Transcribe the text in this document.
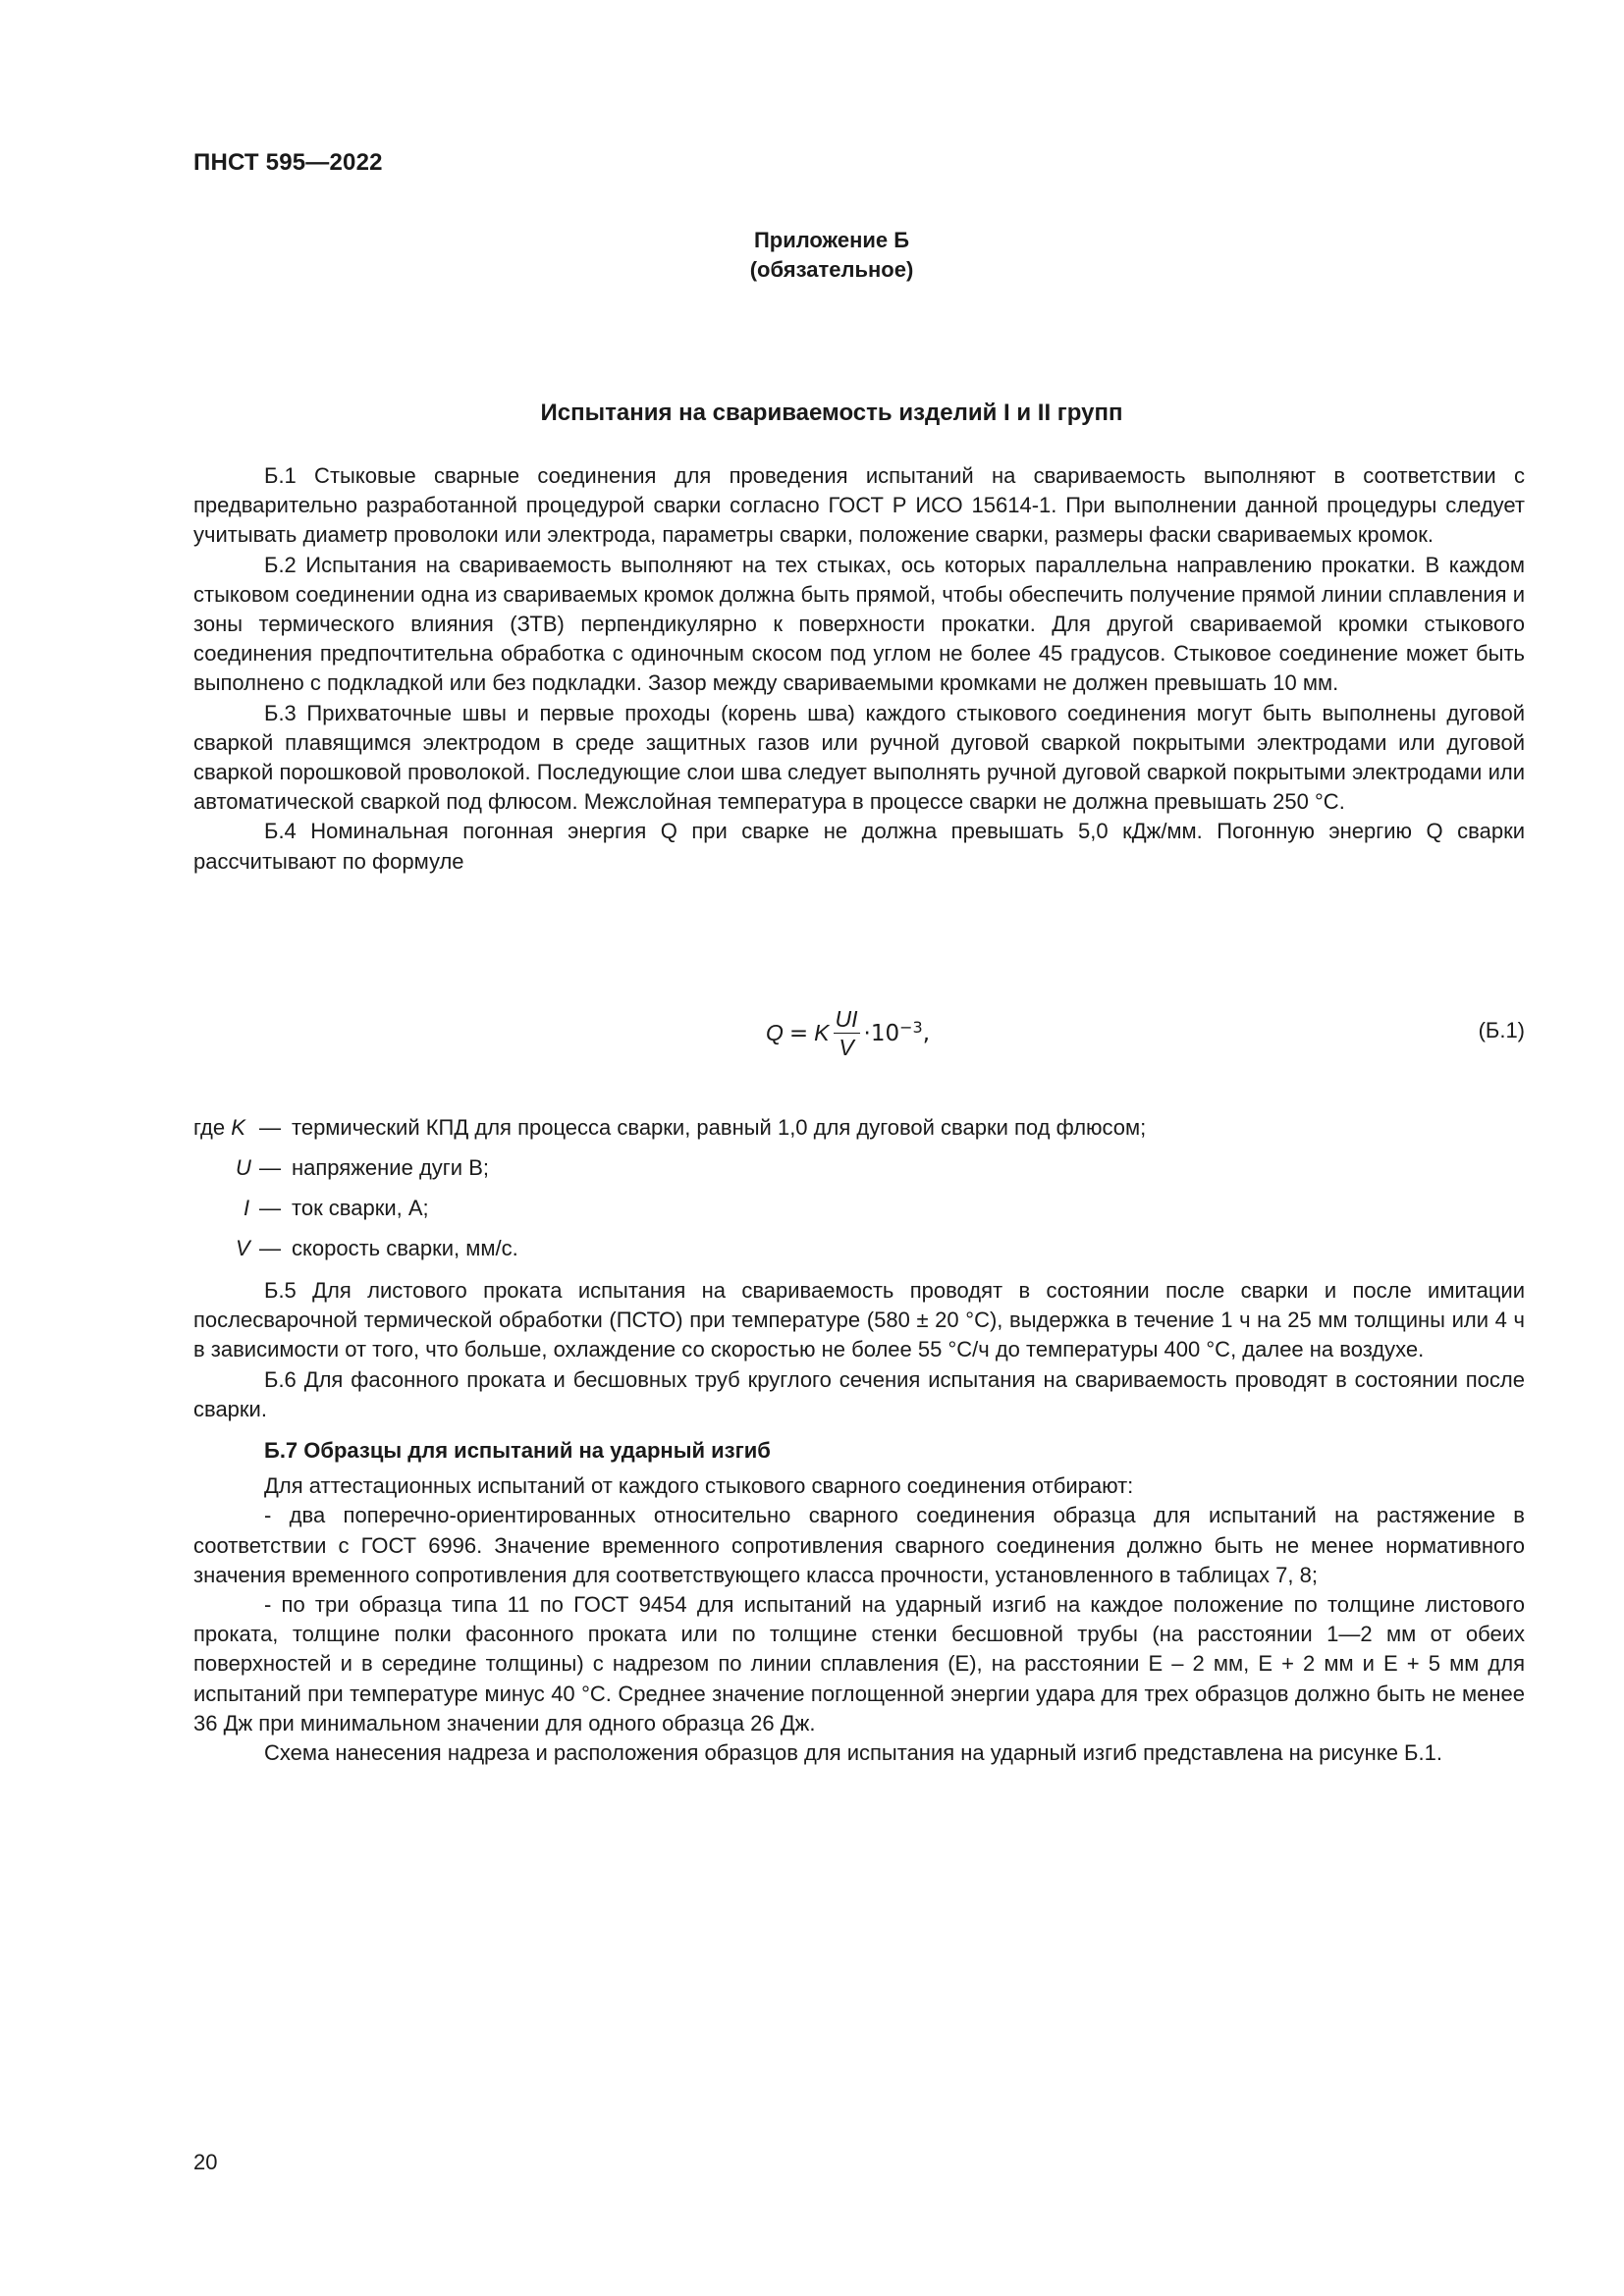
ПНСТ 595—2022
Приложение Б
(обязательное)
Испытания на свариваемость изделий I и II групп

Б.1 Стыковые сварные соединения для проведения испытаний на свариваемость выполняют в соответствии с предварительно разработанной процедурой сварки согласно ГОСТ Р ИСО 15614-1. При выполнении данной процедуры следует учитывать диаметр проволоки или электрода, параметры сварки, положение сварки, размеры фаски свариваемых кромок.

Б.2 Испытания на свариваемость выполняют на тех стыках, ось которых параллельна направлению прокатки. В каждом стыковом соединении одна из свариваемых кромок должна быть прямой, чтобы обеспечить получение прямой линии сплавления и зоны термического влияния (ЗТВ) перпендикулярно к поверхности прокатки. Для другой свариваемой кромки стыкового соединения предпочтительна обработка с одиночным скосом под углом не более 45 градусов. Стыковое соединение может быть выполнено с подкладкой или без подкладки. Зазор между свариваемыми кромками не должен превышать 10 мм.

Б.3 Прихваточные швы и первые проходы (корень шва) каждого стыкового соединения могут быть выполнены дуговой сваркой плавящимся электродом в среде защитных газов или ручной дуговой сваркой покрытыми электродами или дуговой сваркой порошковой проволокой. Последующие слои шва следует выполнять ручной дуговой сваркой покрытыми электродами или автоматической сваркой под флюсом. Межслойная температура в процессе сварки не должна превышать 250 °С.

Б.4 Номинальная погонная энергия Q при сварке не должна превышать 5,0 кДж/мм. Погонную энергию Q сварки рассчитывают по формуле

Q = K $\frac{UI}{V} \cdot 10^{-3}$ ,	(Б.1)
где K — термический КПД для процесса сварки, равный 1,0 для дуговой сварки под флюсом;
U — напряжение дуги В;
I — ток сварки, А;
V — скорость сварки, мм/с.

Б.5 Для листового проката испытания на свариваемость проводят в состоянии после сварки и после имитации послесварочной термической обработки (ПСТО) при температуре (580 ± 20 °С), выдержка в течение 1 ч на 25 мм толщины или 4 ч в зависимости от того, что больше, охлаждение со скоростью не более 55 °С/ч до температуры 400 °С, далее на воздухе.

Б.6 Для фасонного проката и бесшовных труб круглого сечения испытания на свариваемость проводят в состоянии после сварки.

Б.7 Образцы для испытаний на ударный изгиб

Для аттестационных испытаний от каждого стыкового сварного соединения отбирают:

- два поперечно-ориентированных относительно сварного соединения образца для испытаний на растяжение в соответствии с ГОСТ 6996. Значение временного сопротивления сварного соединения должно быть не менее нормативного значения временного сопротивления для соответствующего класса прочности, установленного в таблицах 7, 8;

- по три образца типа 11 по ГОСТ 9454 для испытаний на ударный изгиб на каждое положение по толщине листового проката, толщине полки фасонного проката или по толщине стенки бесшовной трубы (на расстоянии 1—2 мм от обеих поверхностей и в середине толщины) с надрезом по линии сплавления (Е), на расстоянии Е – 2 мм, Е + 2 мм и Е + 5 мм для испытаний при температуре минус 40 °С. Среднее значение поглощенной энергии удара для трех образцов должно быть не менее 36 Дж при минимальном значении для одного образца 26 Дж.

Схема нанесения надреза и расположения образцов для испытания на ударный изгиб представлена на рисунке Б.1.

20
